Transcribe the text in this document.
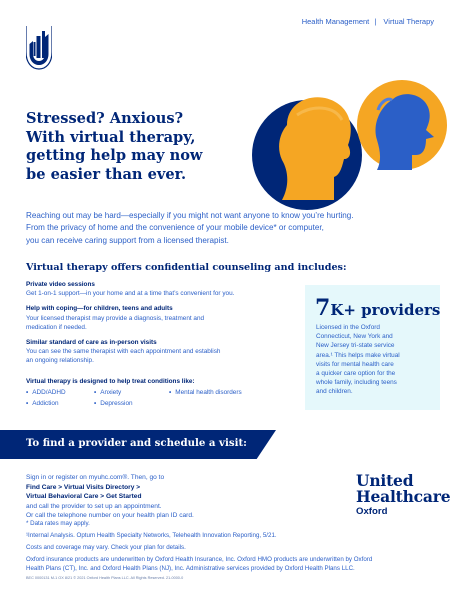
Health Management | Virtual Therapy
Stressed? Anxious?
With virtual therapy,
getting help may now
be easier than ever.
Reaching out may be hard—especially if you might not want anyone to know you’re hurting.
From the privacy of home and the convenience of your mobile device* or computer,
you can receive caring support from a licensed therapist.
Virtual therapy offers confidential counseling and includes:
Private video sessions
Get 1-on-1 support—in your home and at a time that’s convenient for you.
Help with coping—for children, teens and adults
Your licensed therapist may provide a diagnosis, treatment and
medication if needed.
Similar standard of care as in-person visits
You can see the same therapist with each appointment and establish
an ongoing relationship.
Virtual therapy is designed to help treat conditions like:
• ADD/ADHD	• Anxiety	• Mental health disorders
• Addiction	• Depression
7K+ providers
Licensed in the Oxford
Connecticut, New York and
New Jersey tri-state service
area.¹ This helps make virtual
visits for mental health care
a quicker care option for the
whole family, including teens
and children.
To find a provider and schedule a visit:
Sign in or register on myuhc.com®. Then, go to
Find Care > Virtual Visits Directory >
Virtual Behavioral Care > Get Started
and call the provider to set up an appointment.
Or call the telephone number on your health plan ID card.
United
Healthcare
Oxford
* Data rates may apply.
¹Internal Analysis. Optum Health Specialty Networks, Telehealth Innovation Reporting, 5/21.
Costs and coverage may vary. Check your plan for details.
Oxford insurance products are underwritten by Oxford Health Insurance, Inc. Oxford HMO products are underwritten by Oxford
Health Plans (CT), Inc. and Oxford Health Plans (NJ), Inc. Administrative services provided by Oxford Health Plans LLC.
BEC 0000131 M-1 OX 8/21 © 2021 Oxford Health Plans LLC. All Rights Reserved. 21-0000-0
